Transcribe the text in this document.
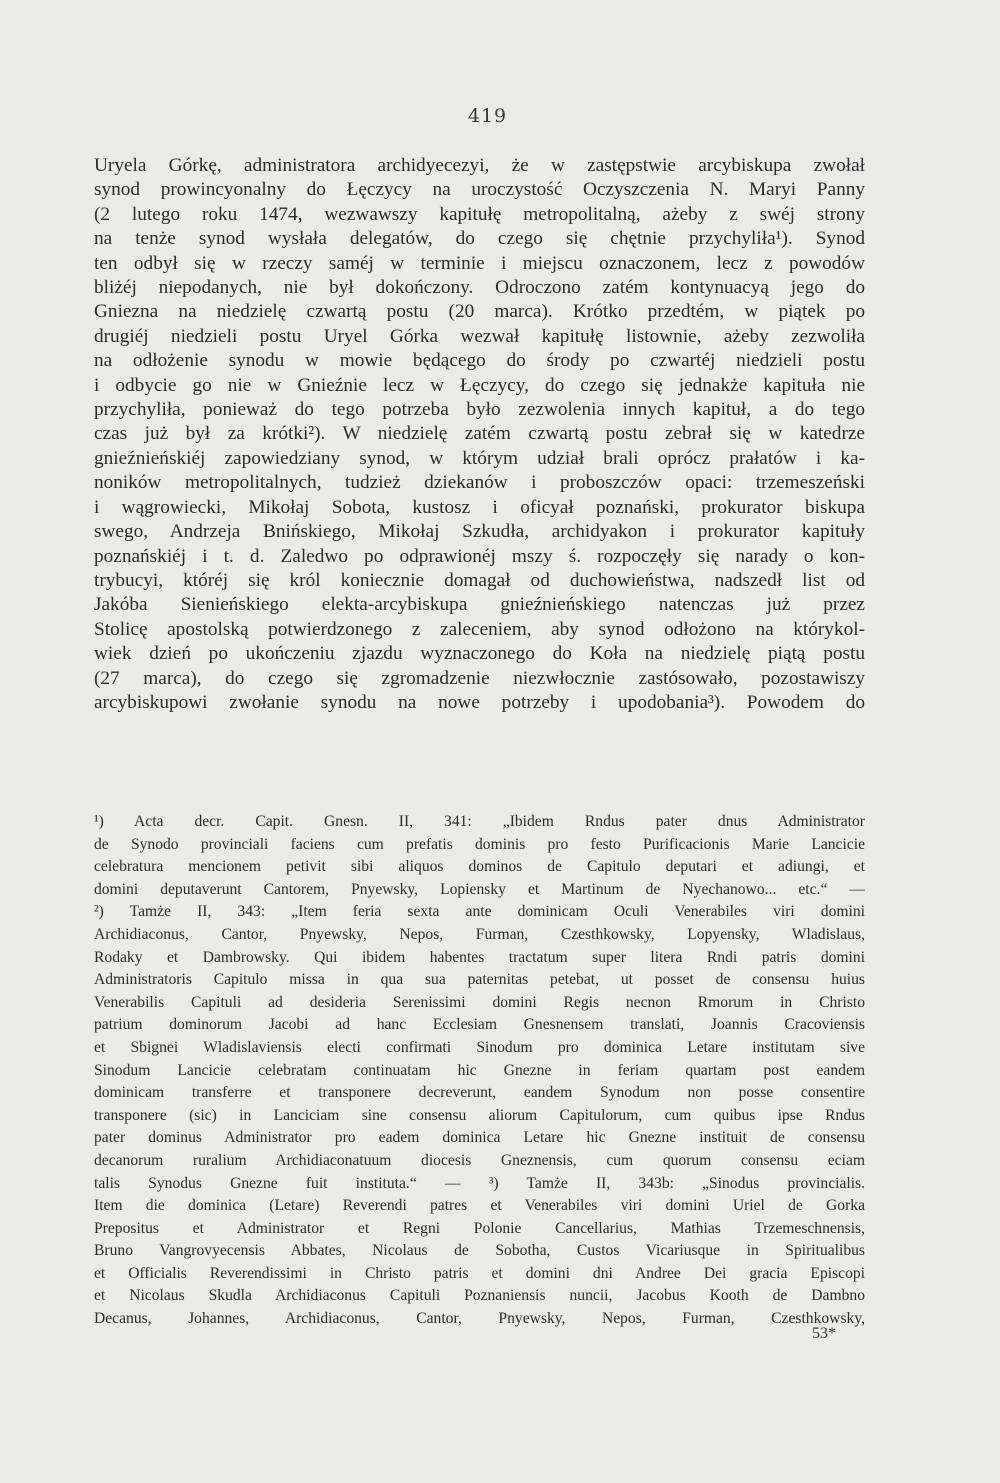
419

Uryela Górkę, administratora archidyecezyi, że w zastępstwie arcybiskupa zwołał

synod prowincyonalny do Łęczycy na uroczystość Oczyszczenia N. Maryi Panny

(2 lutego roku 1474, wezwawszy kapitułę metropolitalną, ażeby z swéj strony

na tenże synod wysłała delegatów, do czego się chętnie przychyliła¹). Synod

ten odbył się w rzeczy saméj w terminie i miejscu oznaczonem, lecz z powodów

bliżéj niepodanych, nie był dokończony. Odroczono zatém kontynuacyą jego do

Gniezna na niedzielę czwartą postu (20 marca). Krótko przedtém, w piątek po

drugiéj niedzieli postu Uryel Górka wezwał kapitułę listownie, ażeby zezwoliła

na odłożenie synodu w mowie będącego do środy po czwartéj niedzieli postu

i odbycie go nie w Gnieźnie lecz w Łęczycy, do czego się jednakże kapituła nie

przychyliła, ponieważ do tego potrzeba było zezwolenia innych kapituł, a do tego

czas już był za krótki²). W niedzielę zatém czwartą postu zebrał się w katedrze

gnieźnieńskiéj zapowiedziany synod, w którym udział brali oprócz prałatów i ka-

noników metropolitalnych, tudzież dziekanów i proboszczów opaci: trzemeszeński

i wągrowiecki, Mikołaj Sobota, kustosz i oficyał poznański, prokurator biskupa

swego, Andrzeja Bnińskiego, Mikołaj Szkudła, archidyakon i prokurator kapituły

poznańskiéj i t. d. Zaledwo po odprawionéj mszy ś. rozpoczęły się narady o kon-

trybucyi, któréj się król koniecznie domagał od duchowieństwa, nadszedł list od

Jakóba Sienieńskiego elekta-arcybiskupa gnieźnieńskiego natenczas już przez

Stolicę apostolską potwierdzonego z zaleceniem, aby synod odłożono na którykol-

wiek dzień po ukończeniu zjazdu wyznaczonego do Koła na niedzielę piątą postu

(27 marca), do czego się zgromadzenie niezwłocznie zastósowało, pozostawiszy

arcybiskupowi zwołanie synodu na nowe potrzeby i upodobania³). Powodem do

¹) Acta decr. Capit. Gnesn. II, 341: „Ibidem Rndus pater dnus Administrator

de Synodo provinciali faciens cum prefatis dominis pro festo Purificacionis Marie Lancicie

celebratura mencionem petivit sibi aliquos dominos de Capitulo deputari et adiungi, et

domini deputaverunt Cantorem, Pnyewsky, Lopiensky et Martinum de Nyechanowo... etc.“ —

²) Tamże II, 343: „Item feria sexta ante dominicam Oculi Venerabiles viri domini

Archidiaconus, Cantor, Pnyewsky, Nepos, Furman, Czesthkowsky, Lopyensky, Wladislaus,

Rodaky et Dambrowsky. Qui ibidem habentes tractatum super litera Rndi patris domini

Administratoris Capitulo missa in qua sua paternitas petebat, ut posset de consensu huius

Venerabilis Capituli ad desideria Serenissimi domini Regis necnon Rmorum in Christo

patrium dominorum Jacobi ad hanc Ecclesiam Gnesnensem translati, Joannis Cracoviensis

et Sbignei Wladislaviensis electi confirmati Sinodum pro dominica Letare institutam sive

Sinodum Lancicie celebratam continuatam hic Gnezne in feriam quartam post eandem

dominicam transferre et transponere decreverunt, eandem Synodum non posse consentire

transponere (sic) in Lanciciam sine consensu aliorum Capitulorum, cum quibus ipse Rndus

pater dominus Administrator pro eadem dominica Letare hic Gnezne instituit de consensu

decanorum ruralium Archidiaconatuum diocesis Gneznensis, cum quorum consensu eciam

talis Synodus Gnezne fuit instituta.“ — ³) Tamże II, 343b: „Sinodus provincialis.

Item die dominica (Letare) Reverendi patres et Venerabiles viri domini Uriel de Gorka

Prepositus et Administrator et Regni Polonie Cancellarius, Mathias Trzemeschnensis,

Bruno Vangrovyecensis Abbates, Nicolaus de Sobotha, Custos Vicariusque in Spiritualibus

et Officialis Reverendissimi in Christo patris et domini dni Andree Dei gracia Episcopi

et Nicolaus Skudla Archidiaconus Capituli Poznaniensis nuncii, Jacobus Kooth de Dambno

Decanus, Johannes, Archidiaconus, Cantor, Pnyewsky, Nepos, Furman, Czesthkowsky,

53*
